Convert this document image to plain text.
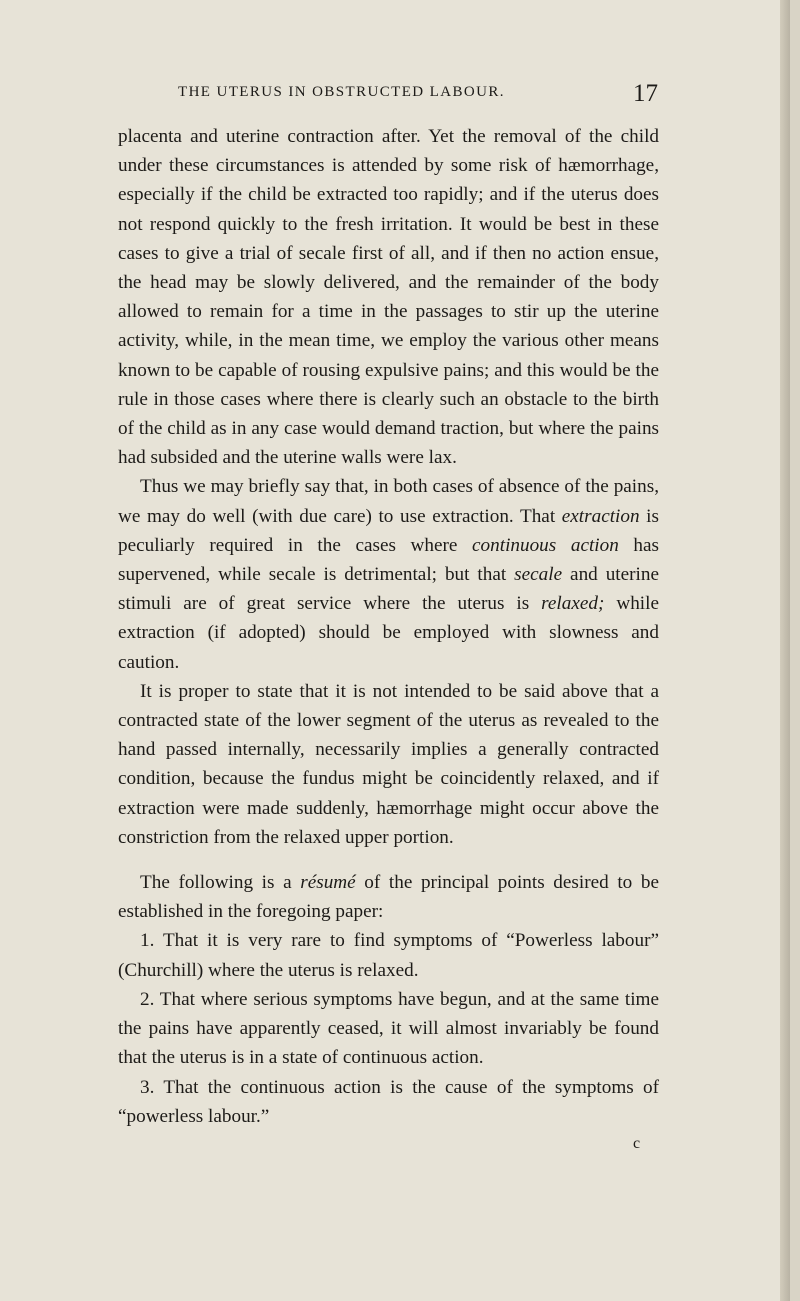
THE UTERUS IN OBSTRUCTED LABOUR.	17

placenta and uterine contraction after. Yet the removal of the child under these circumstances is attended by some risk of hæmorrhage, especially if the child be extracted too rapidly; and if the uterus does not respond quickly to the fresh irritation. It would be best in these cases to give a trial of secale first of all, and if then no action ensue, the head may be slowly delivered, and the remainder of the body allowed to remain for a time in the passages to stir up the uterine activity, while, in the mean time, we employ the various other means known to be capable of rousing expulsive pains; and this would be the rule in those cases where there is clearly such an obstacle to the birth of the child as in any case would demand traction, but where the pains had subsided and the uterine walls were lax.

Thus we may briefly say that, in both cases of absence of the pains, we may do well (with due care) to use extraction. That extraction is peculiarly required in the cases where continuous action has supervened, while secale is detrimental; but that secale and uterine stimuli are of great service where the uterus is relaxed; while extraction (if adopted) should be employed with slowness and caution.

It is proper to state that it is not intended to be said above that a contracted state of the lower segment of the uterus as revealed to the hand passed internally, necessarily implies a generally contracted condition, because the fundus might be coincidently relaxed, and if extraction were made suddenly, hæmorrhage might occur above the constriction from the relaxed upper portion.

The following is a résumé of the principal points desired to be established in the foregoing paper:

1. That it is very rare to find symptoms of “Powerless labour” (Churchill) where the uterus is relaxed.

2. That where serious symptoms have begun, and at the same time the pains have apparently ceased, it will almost invariably be found that the uterus is in a state of continuous action.

3. That the continuous action is the cause of the symptoms of “powerless labour.”

c
